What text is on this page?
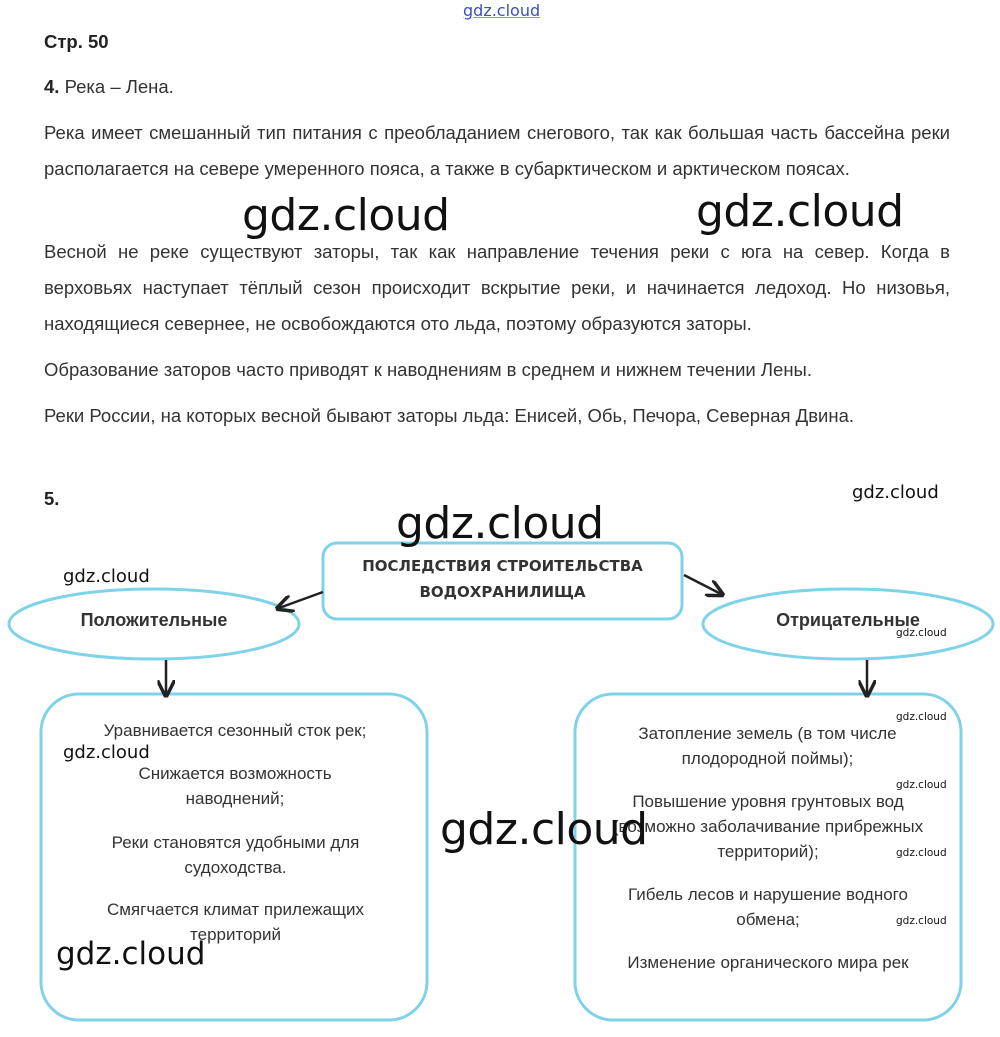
gdz.cloud
Стр. 50
4. Река – Лена.
Река имеет смешанный тип питания с преобладанием снегового, так как большая часть бассейна реки располагается на севере умеренного пояса, а также в субарктическом и арктическом поясах.
Весной не реке существуют заторы, так как направление течения реки с юга на север. Когда в верховьях наступает тёплый сезон происходит вскрытие реки, и начинается ледоход. Но низовья, находящиеся севернее, не освобождаются ото льда, поэтому образуются заторы.
Образование заторов часто приводят к наводнениям в среднем и нижнем течении Лены.
Реки России, на которых весной бывают заторы льда: Енисей, Обь, Печора, Северная Двина.
5.
ПОСЛЕДСТВИЯ СТРОИТЕЛЬСТВА
ВОДОХРАНИЛИЩА
Положительные	Отрицательные
Уравнивается сезонный сток рек;
Снижается возможность наводнений;
Реки становятся удобными для судоходства.
Смягчается климат прилежащих территорий
Затопление земель (в том числе плодородной поймы);
Повышение уровня грунтовых вод (возможно заболачивание прибрежных территорий);
Гибель лесов и нарушение водного обмена;
Изменение органического мира рек
gdz.cloud	gdz.cloud
gdz.cloud
gdz.cloud
gdz.cloud
gdz.cloud
gdz.cloud
gdz.cloud
gdz.cloud
gdz.cloud
gdz.cloud
gdz.cloud
gdz.cloud
